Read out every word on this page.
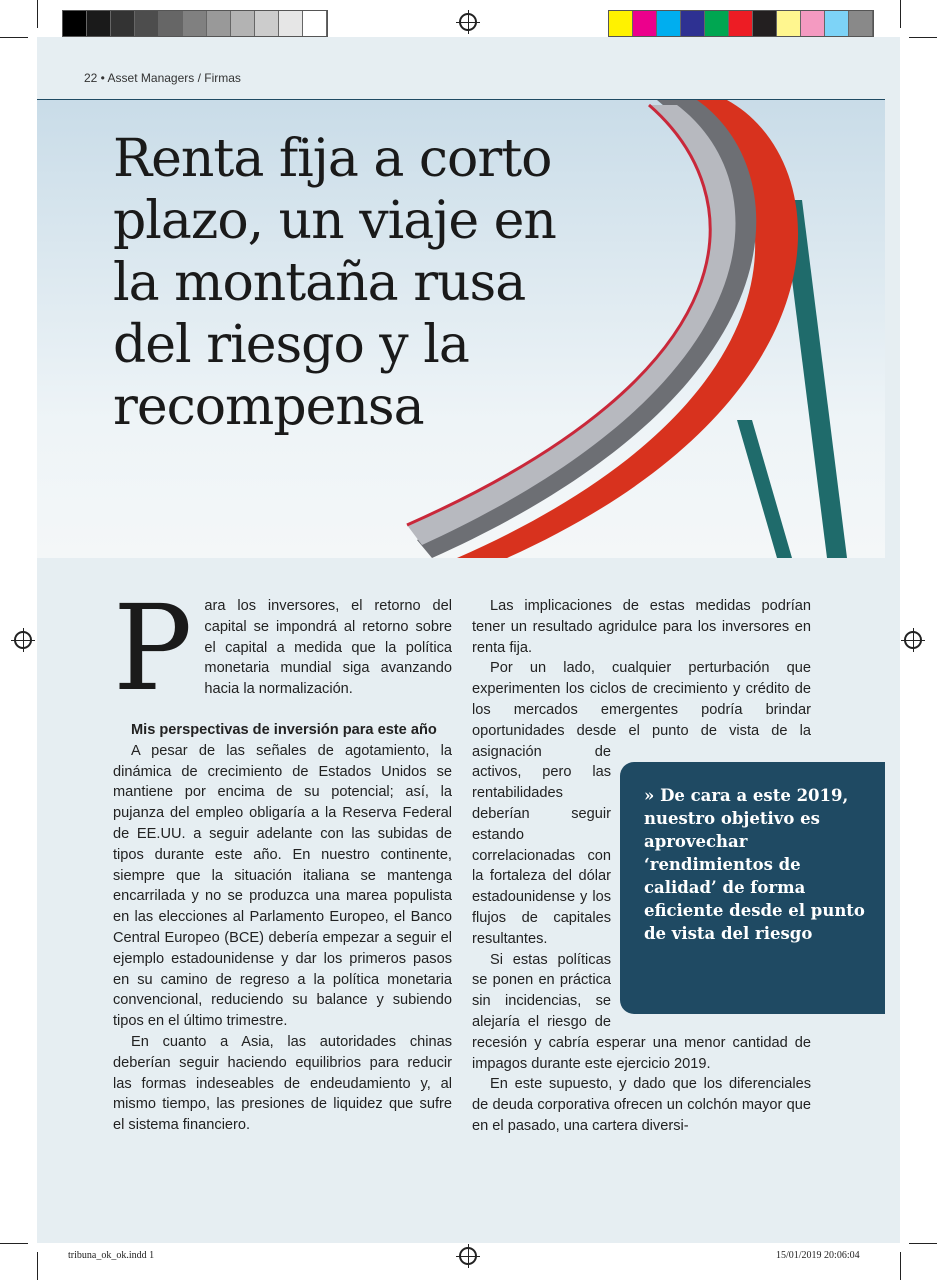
22 • Asset Managers / Firmas
Renta fija a corto plazo, un viaje en la montaña rusa del riesgo y la recompensa
P ara los inversores, el retorno del capital se impondrá al retorno sobre el capital a medida que la política monetaria mundial siga avanzando hacia la normalización.

Mis perspectivas de inversión para este año

A pesar de las señales de agotamiento, la dinámica de crecimiento de Estados Unidos se mantiene por encima de su potencial; así, la pujanza del empleo obligaría a la Reserva Federal de EE.UU. a seguir adelante con las subidas de tipos durante este año. En nuestro continente, siempre que la situación italiana se mantenga encarrilada y no se produzca una marea populista en las elecciones al Parlamento Europeo, el Banco Central Europeo (BCE) debería empezar a seguir el ejemplo estadounidense y dar los primeros pasos en su camino de regreso a la política monetaria convencional, reduciendo su balance y subiendo tipos en el último trimestre.

En cuanto a Asia, las autoridades chinas deberían seguir haciendo equilibrios para reducir las formas indeseables de endeudamiento y, al mismo tiempo, las presiones de liquidez que sufre el sistema financiero.

Las implicaciones de estas medidas podrían tener un resultado agridulce para los inversores en renta fija.

Por un lado, cualquier perturbación que experimenten los ciclos de crecimiento y crédito de los mercados emergentes podría brindar oportunidades desde el punto de vista de la asignación de activos, pero las rentabilidades deberían seguir estando correlacionadas con la fortaleza del dólar estadounidense y los flujos de capitales resultantes.

Si estas políticas se ponen en práctica sin incidencias, se alejaría el riesgo de recesión y cabría esperar una menor cantidad de impagos durante este ejercicio 2019.

En este supuesto, y dado que los diferenciales de deuda corporativa ofrecen un colchón mayor que en el pasado, una cartera diversi-

» De cara a este 2019, nuestro objetivo es aprovechar ‘rendimientos de calidad’ de forma eficiente desde el punto de vista del riesgo
tribuna_ok_ok.indd 1	15/01/2019 20:06:04
